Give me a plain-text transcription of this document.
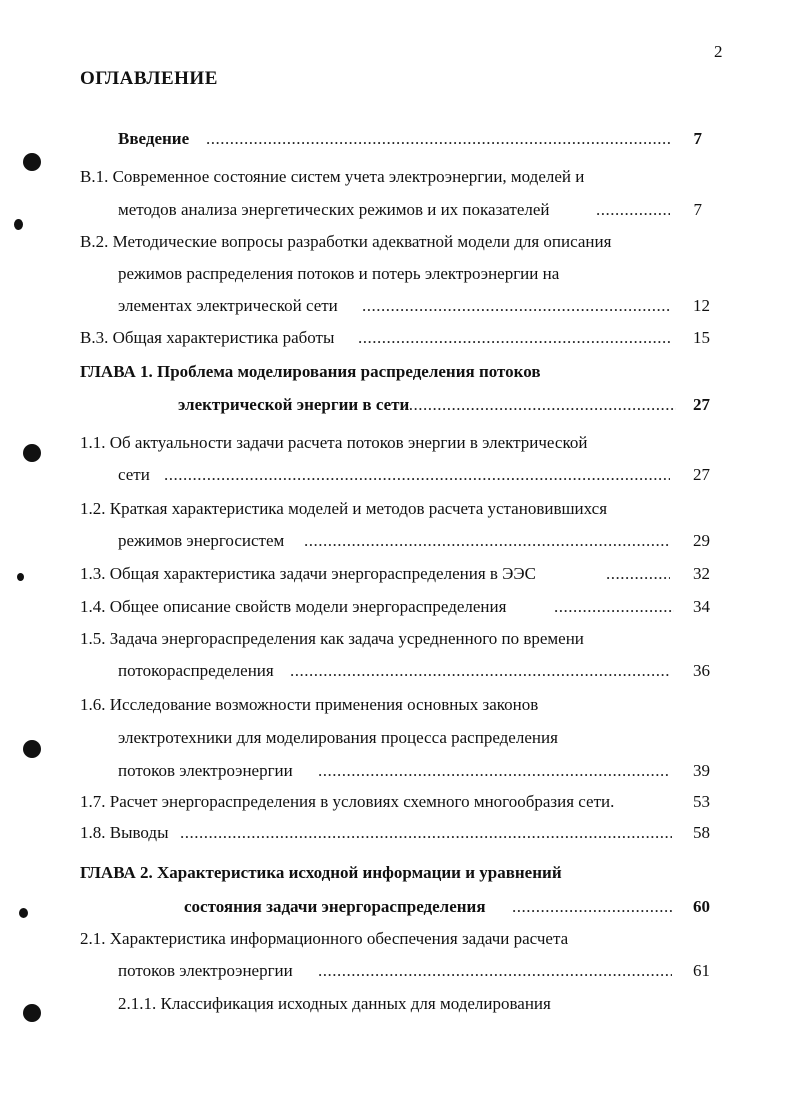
2
ОГЛАВЛЕНИЕ
Введение .....	7
В.1. Современное состояние систем учета электроэнергии, моделей и
методов анализа энергетических режимов и их показателей .....	7
В.2. Методические вопросы разработки адекватной модели для описания
режимов распределения потоков и потерь электроэнергии на
элементах электрической сети .....	12
В.3. Общая характеристика работы .....	15
ГЛАВА 1. Проблема моделирования распределения потоков
электрической энергии в сети .....	27
1.1. Об актуальности задачи расчета потоков энергии в электрической
сети .....	27
1.2. Краткая характеристика моделей и методов расчета установившихся
режимов энергосистем .....	29
1.3. Общая характеристика задачи энергораспределения в ЭЭС .....	32
1.4. Общее описание свойств модели энергораспределения .....	34
1.5. Задача энергораспределения как задача усредненного по времени
потокораспределения .....	36
1.6. Исследование возможности применения основных законов
электротехники для моделирования процесса распределения
потоков электроэнергии .....	39
1.7. Расчет энергораспределения в условиях схемного многообразия сети.	53
1.8. Выводы .....	58
ГЛАВА 2. Характеристика исходной информации и уравнений
состояния задачи энергораспределения .....	60
2.1. Характеристика информационного обеспечения задачи расчета
потоков электроэнергии .....	61
2.1.1. Классификация исходных данных для моделирования
